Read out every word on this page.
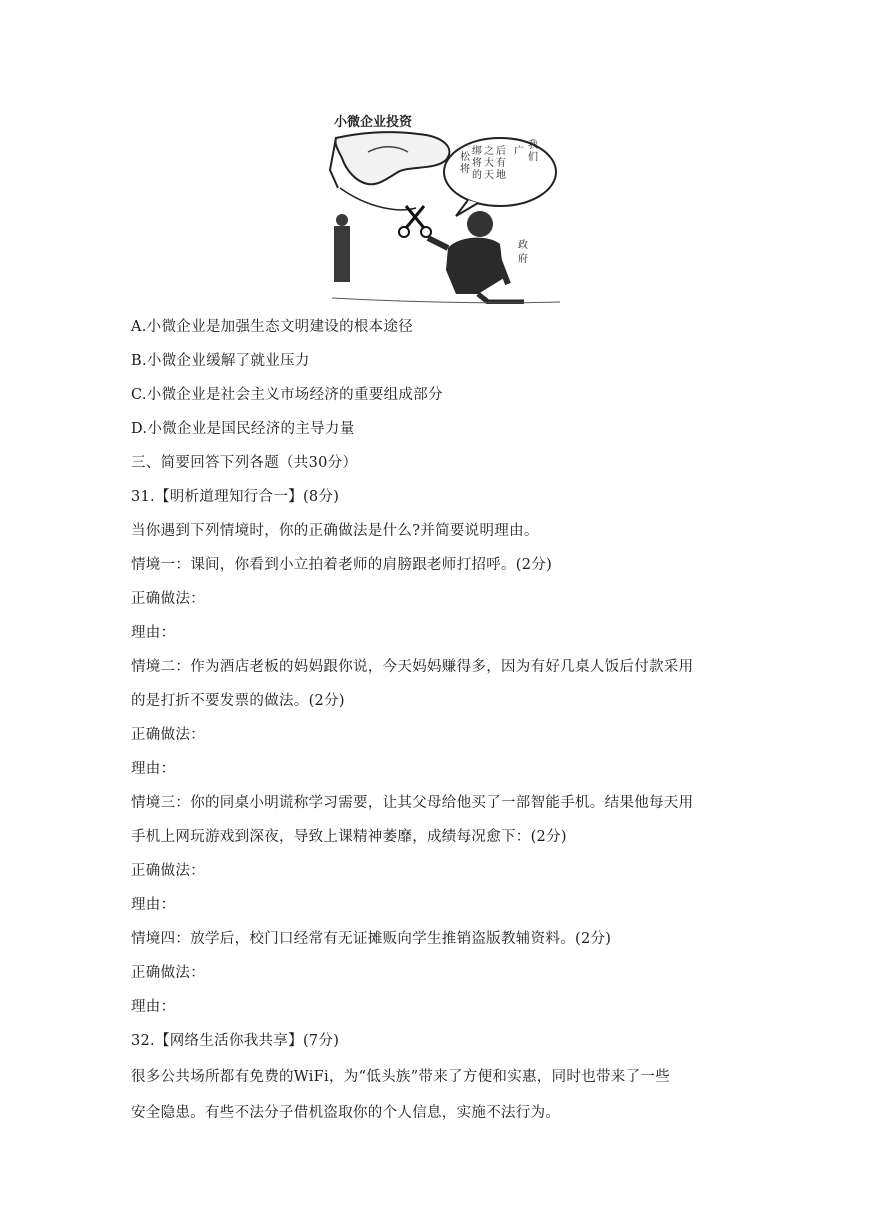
小微企业投资
松
将
绑
将
的
之
大
天
后
有
地
广
我
们
政
府
A.小微企业是加强生态文明建设的根本途径
B.小微企业缓解了就业压力
C.小微企业是社会主义市场经济的重要组成部分
D.小微企业是国民经济的主导力量
三、简要回答下列各题（共30分）
31.【明析道理知行合一】(8分)
当你遇到下列情境时，你的正确做法是什么?并简要说明理由。
情境一：课间，你看到小立拍着老师的肩膀跟老师打招呼。(2分)
正确做法：
理由：
情境二：作为酒店老板的妈妈跟你说，今天妈妈赚得多，因为有好几桌人饭后付款采用
的是打折不要发票的做法。(2分)
正确做法：
理由：
情境三：你的同桌小明谎称学习需要，让其父母给他买了一部智能手机。结果他每天用
手机上网玩游戏到深夜，导致上课精神萎靡，成绩每况愈下：(2分)
正确做法：
理由：
情境四：放学后，校门口经常有无证摊贩向学生推销盗版教辅资料。(2分)
正确做法：
理由：
32.【网络生活你我共享】(7分)
很多公共场所都有免费的WiFi，为“低头族”带来了方便和实惠，同时也带来了一些
安全隐患。有些不法分子借机盗取你的个人信息，实施不法行为。
